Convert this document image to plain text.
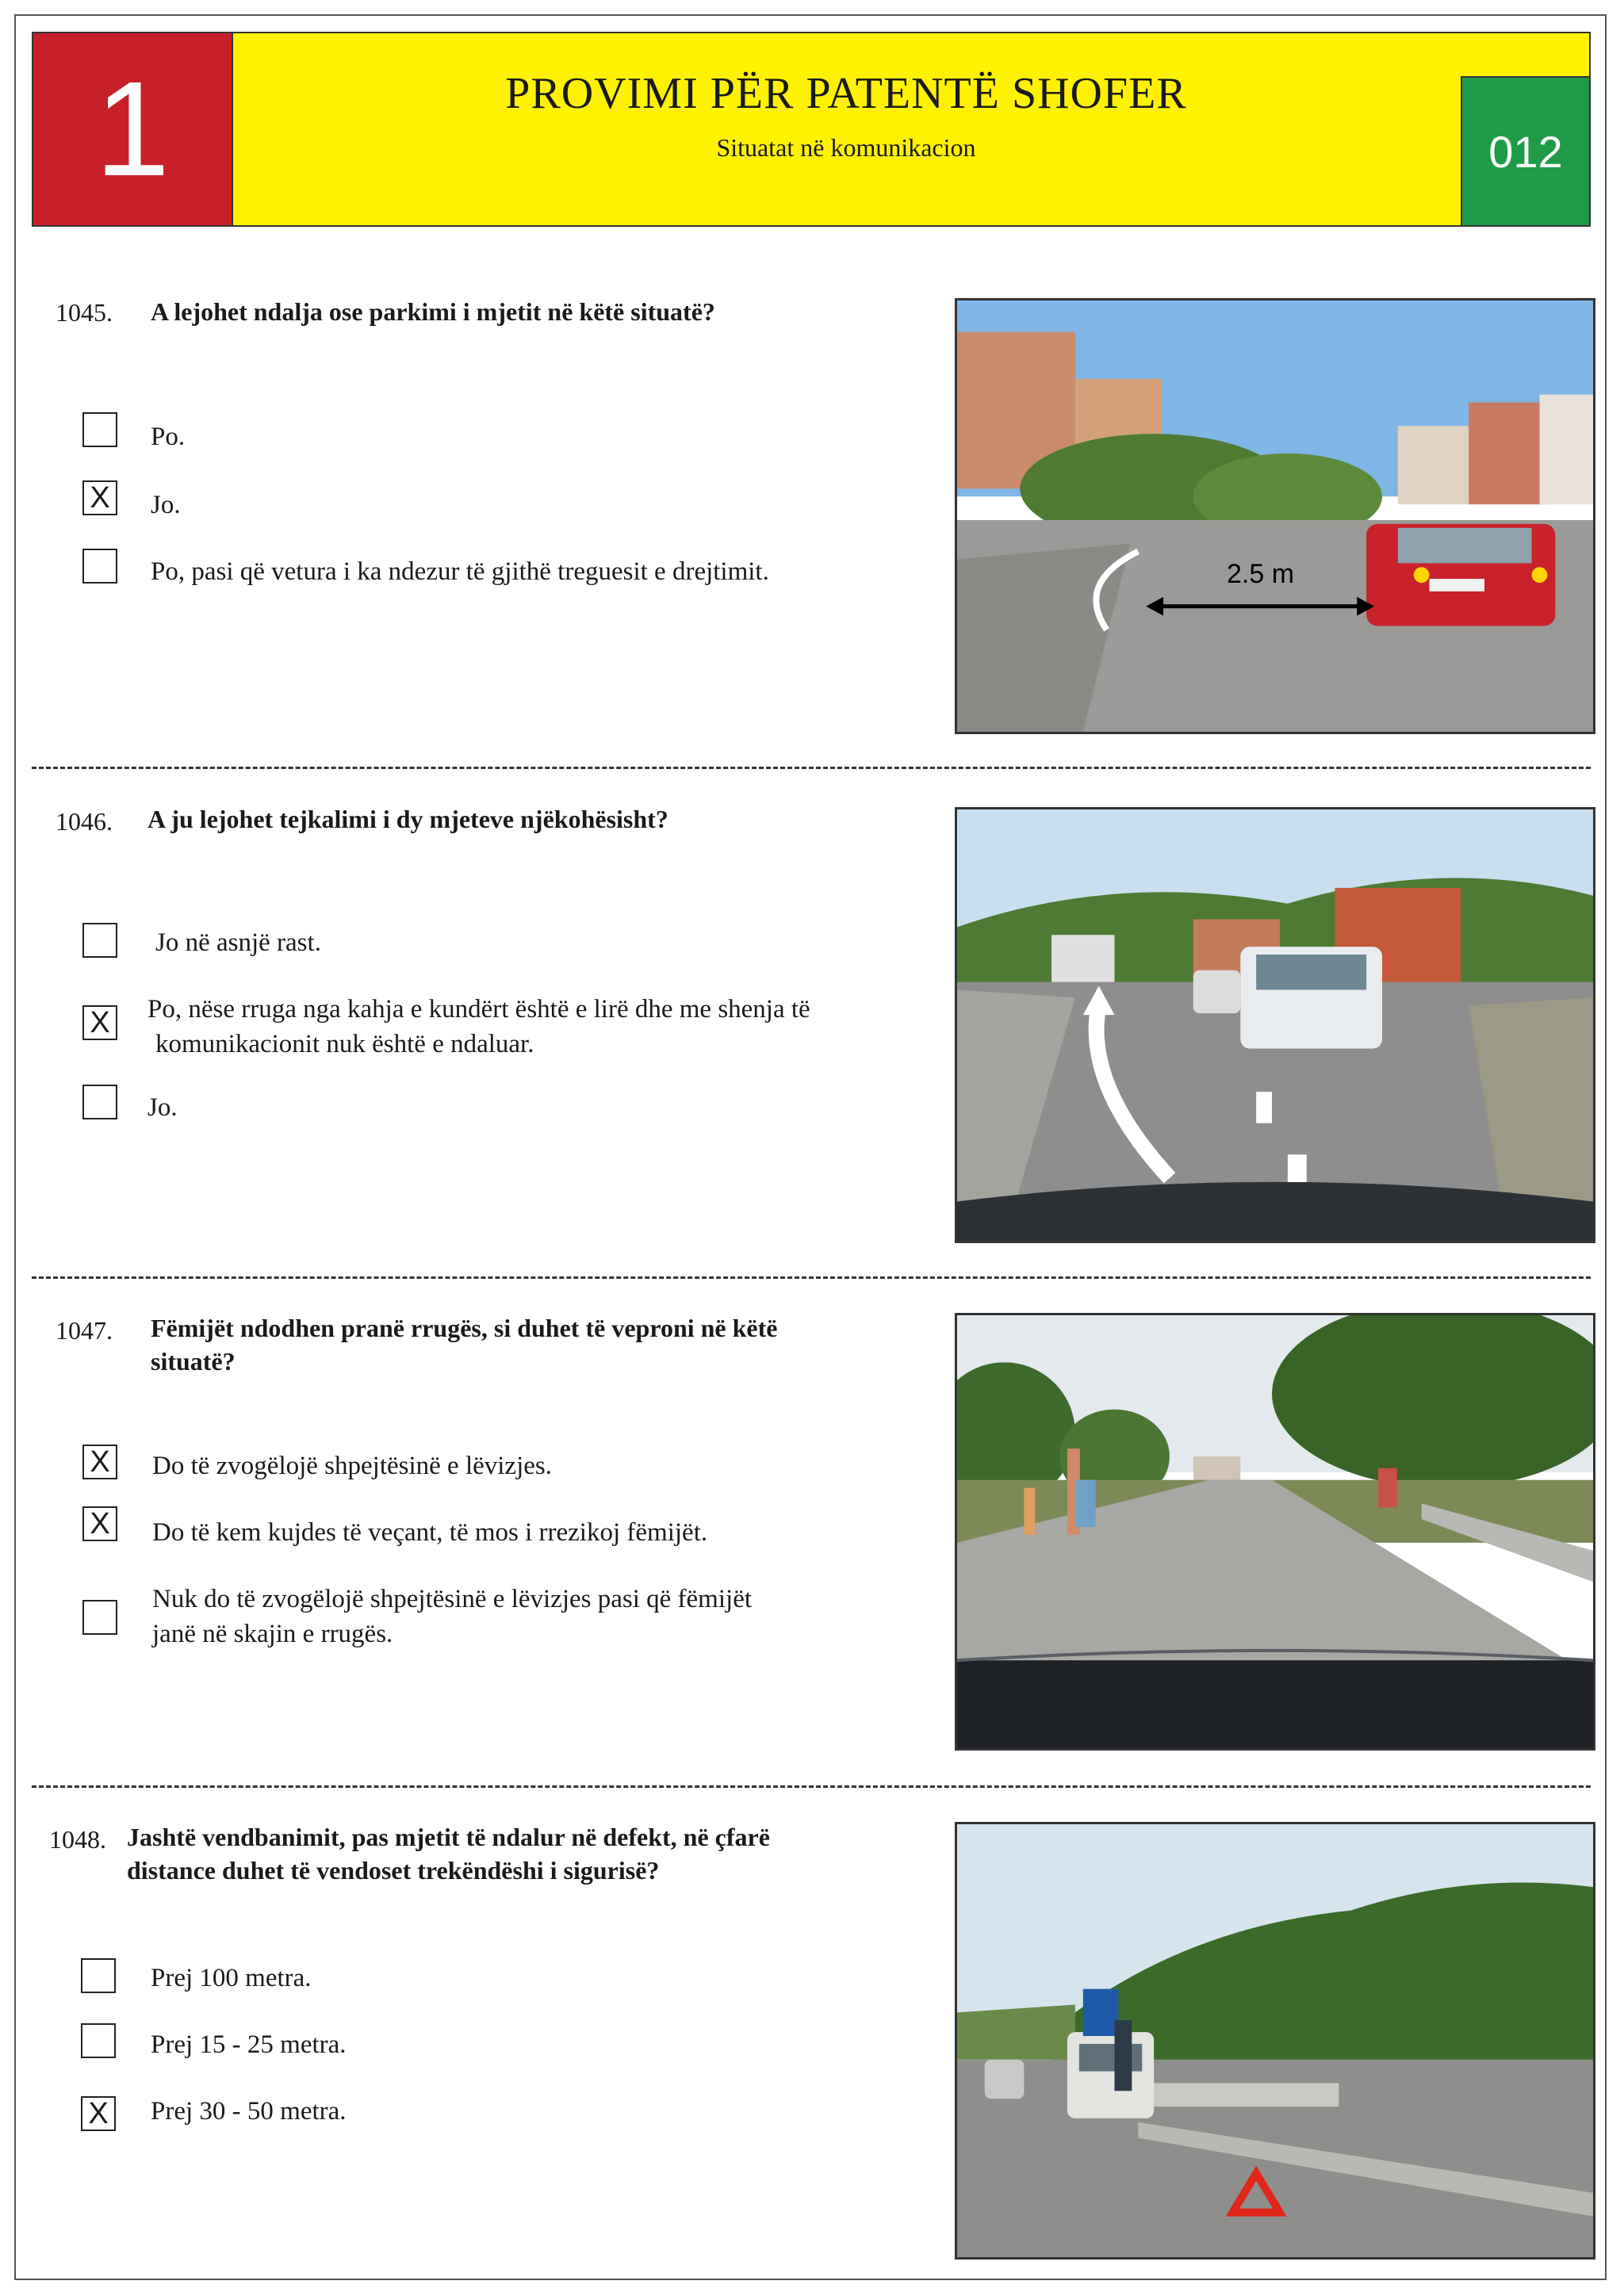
1	PROVIMI PËR PATENTË SHOFER
Situatat në komunikacion	012
1045. A lejohet ndalja ose parkimi i mjetit në këtë situatë?
Po.
X Jo.
Po, pasi që vetura i ka ndezur të gjithë treguesit e drejtimit.	2.5 m
1046. A ju lejohet tejkalimi i dy mjeteve njëkohësisht?
Jo në asnjë rast.
X Po, nëse rruga nga kahja e kundërt është e lirë dhe me shenja të
komunikacionit nuk është e ndaluar.
Jo.
1047. Fëmijët ndodhen pranë rrugës, si duhet të veproni në këtë
situatë?
X Do të zvogëlojë shpejtësinë e lëvizjes.
X Do të kem kujdes të veçant, të mos i rrezikoj fëmijët.
Nuk do të zvogëlojë shpejtësinë e lëvizjes pasi që fëmijët
janë në skajin e rrugës.
1048. Jashtë vendbanimit, pas mjetit të ndalur në defekt, në çfarë
distance duhet të vendoset trekëndëshi i sigurisë?
Prej 100 metra.
Prej 15 - 25 metra.
X Prej 30 - 50 metra.
